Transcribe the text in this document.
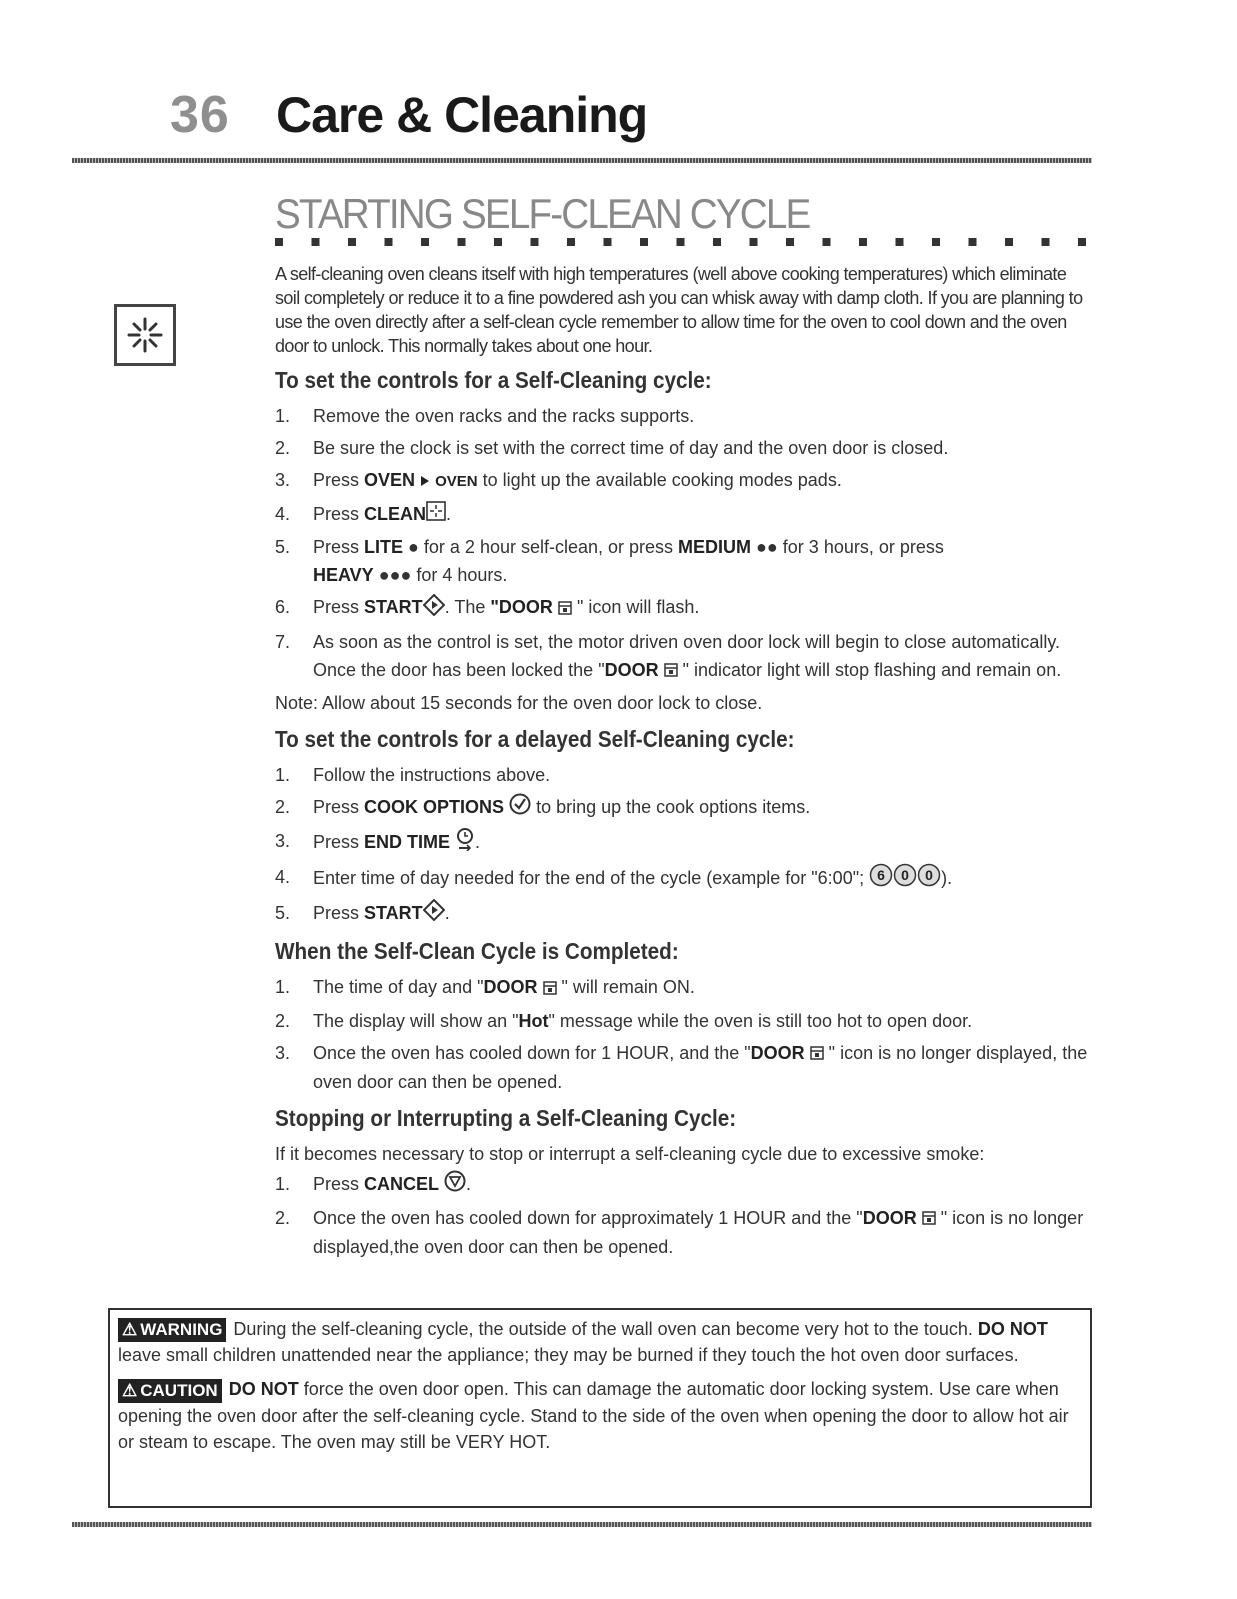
36 Care & Cleaning
STARTING SELF-CLEAN CYCLE

A self-cleaning oven cleans itself with high temperatures (well above cooking temperatures) which eliminate soil completely or reduce it to a fine powdered ash you can whisk away with damp cloth. If you are planning to use the oven directly after a self-clean cycle remember to allow time for the oven to cool down and the oven door to unlock. This normally takes about one hour.

To set the controls for a Self-Cleaning cycle:
1. Remove the oven racks and the racks supports.
2. Be sure the clock is set with the correct time of day and the oven door is closed.
3. Press OVEN OVEN to light up the available cooking modes pads.
4. Press CLEAN .
5. Press LITE ● for a 2 hour self-clean, or press MEDIUM ●● for 3 hours, or press
HEAVY ●●● for 4 hours.
6. Press START . The "DOOR  " icon will flash.
7. As soon as the control is set, the motor driven oven door lock will begin to close automatically. Once the door has been locked the "DOOR  " indicator light will stop flashing and remain on.

Note: Allow about 15 seconds for the oven door lock to close.

To set the controls for a delayed Self-Cleaning cycle:
1. Follow the instructions above.
2. Press COOK OPTIONS  to bring up the cook options items.
3. Press END TIME .
4. Enter time of day needed for the end of the cycle (example for "6:00"; 6 0 0 ).
5. Press START .
When the Self-Clean Cycle is Completed:
1. The time of day and "DOOR  " will remain ON.
2. The display will show an "Hot" message while the oven is still too hot to open door.
3. Once the oven has cooled down for 1 HOUR, and the "DOOR  " icon is no longer displayed, the oven door can then be opened.
Stopping or Interrupting a Self-Cleaning Cycle:

If it becomes necessary to stop or interrupt a self-cleaning cycle due to excessive smoke:

1. Press CANCEL .
2. Once the oven has cooled down for approximately 1 HOUR and the "DOOR  " icon is no longer displayed,the oven door can then be opened.

⚠ WARNING During the self-cleaning cycle, the outside of the wall oven can become very hot to the touch. DO NOT leave small children unattended near the appliance; they may be burned if they touch the hot oven door surfaces.

⚠ CAUTION DO NOT force the oven door open. This can damage the automatic door locking system. Use care when opening the oven door after the self-cleaning cycle. Stand to the side of the oven when opening the door to allow hot air or steam to escape. The oven may still be VERY HOT.
